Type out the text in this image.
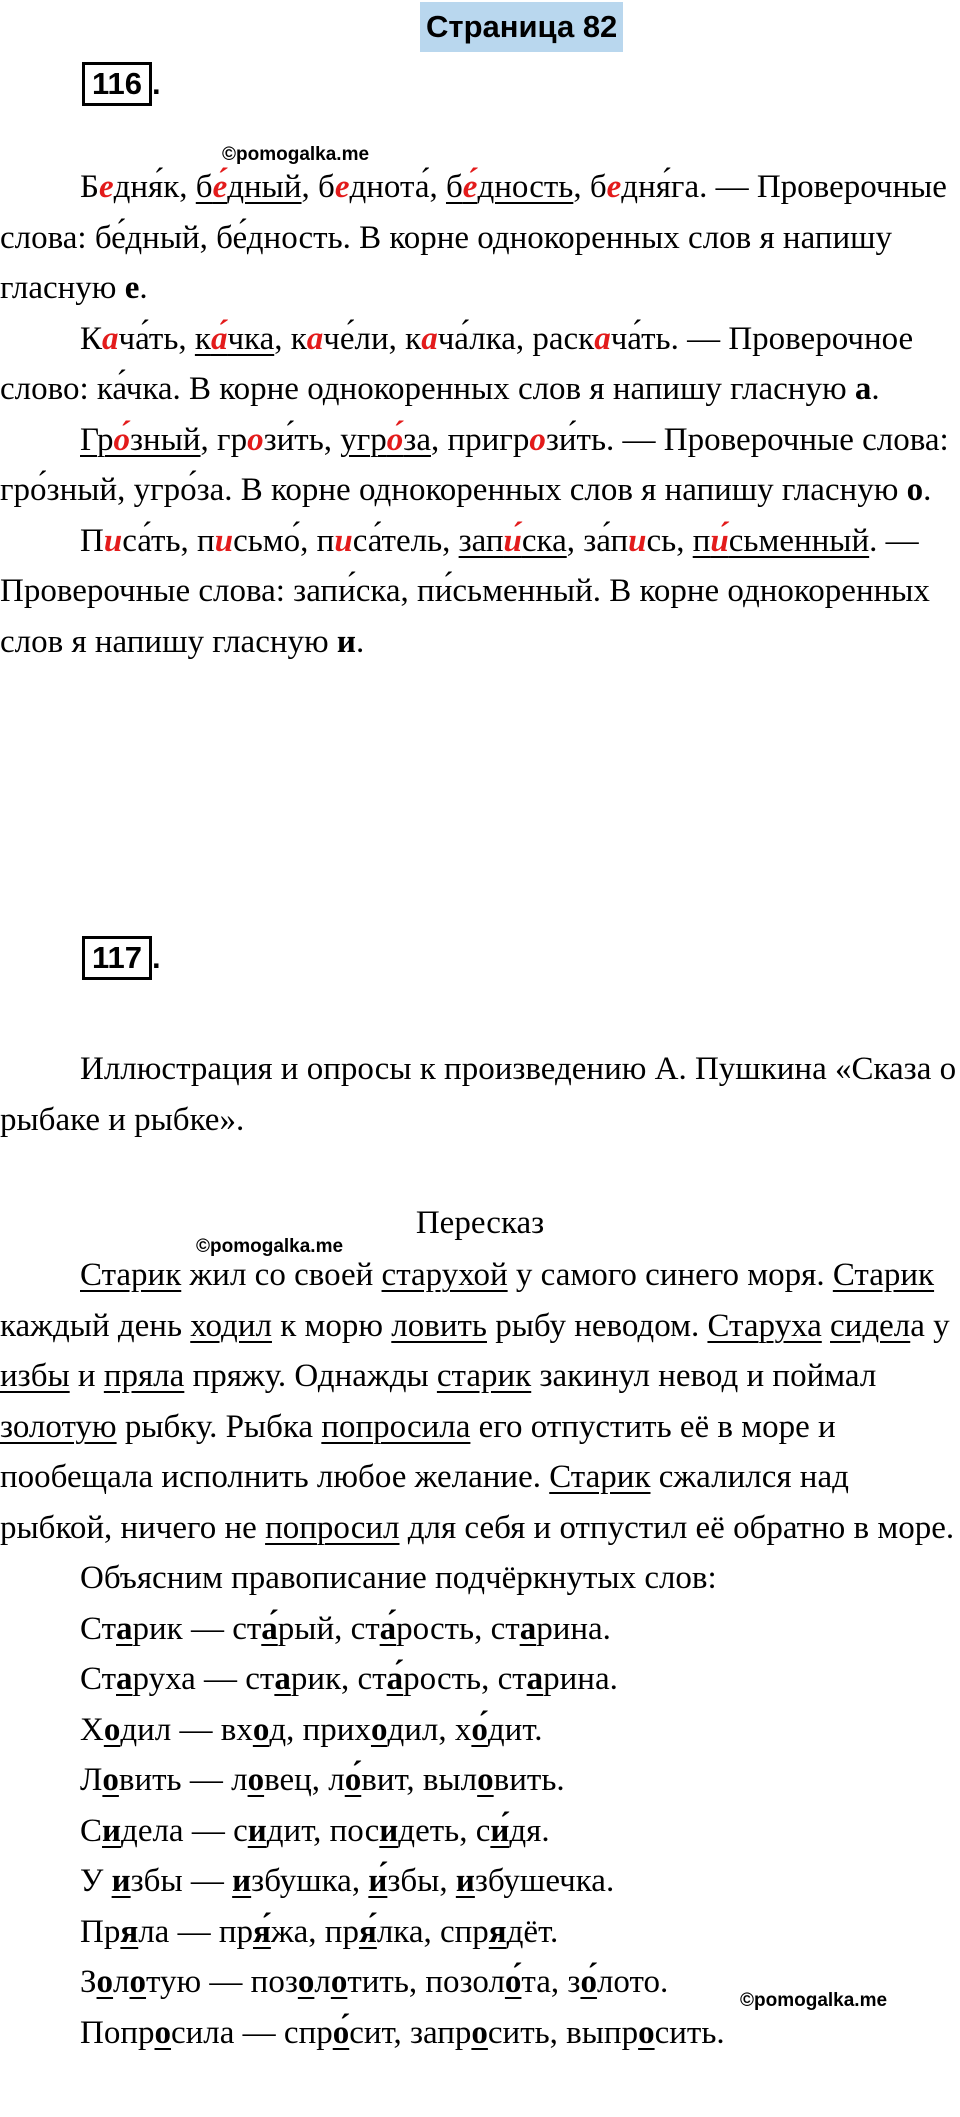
Страница 82
116 .
©pomogalka.me

Бедня́к, бе́дный, беднота́, бе́дность, бедня́га. — Проверочные слова: бе́дный, бе́дность. В корне однокоренных слов я напишу гласную е.

Кача́ть, ка́чка, каче́ли, кача́лка, раскача́ть. — Проверочное слово: ка́чка. В корне однокоренных слов я напишу гласную а.

Гро́зный, грози́ть, угро́за, пригрози́ть. — Проверочные слова: гро́зный, угро́за. В корне однокоренных слов я напишу гласную о.

Писа́ть, письмо́, писа́тель, запи́ска, за́пись, пи́сьменный. — Проверочные слова: запи́ска, пи́сьменный. В корне однокоренных слов я напишу гласную и.

117 .

Иллюстрация и опросы к произведению А. Пушкина «Сказа о рыбаке и рыбке».

Пересказ

©pomogalka.me

Старик жил со своей старухой у самого синего моря. Старик каждый день ходил к морю ловить рыбу неводом. Старуха сидела у избы и пряла пряжу. Однажды старик закинул невод и поймал золотую рыбку. Рыбка попросила его отпустить её в море и пообещала исполнить любое желание. Старик сжалился над рыбкой, ничего не попросил для себя и отпустил её обратно в море.

Объясним правописание подчёркнутых слов:

Старик — ста́рый, ста́рость, старина.

Старуха — старик, ста́рость, старина.

Ходил — вход, приходил, хо́дит.

Ловить — ловец, ло́вит, выловить.

Сидела — сидит, посидеть, си́дя.

У избы — избушка, и́збы, избушечка.

Пряла — пря́жа, пря́лка, спрядёт.

Золотую — позолотить, позоло́та, зо́лото.

Попросила — спро́сит, запросить, выпросить.

©pomogalka.me
